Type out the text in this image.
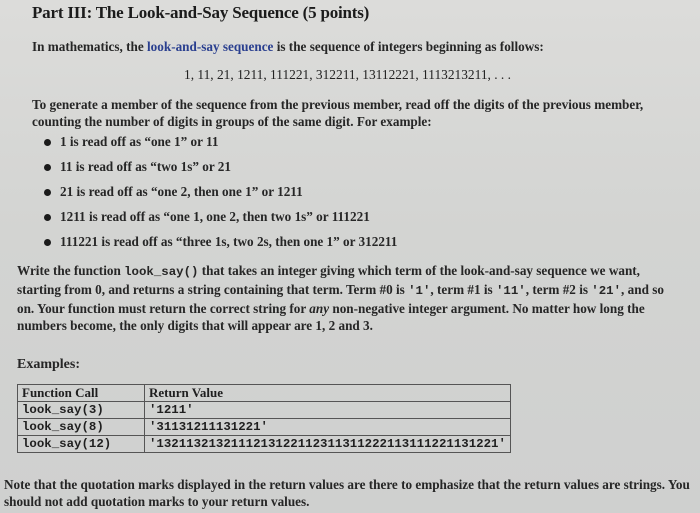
Part III: The Look-and-Say Sequence (5 points)
In mathematics, the look-and-say sequence is the sequence of integers beginning as follows:
1, 11, 21, 1211, 111221, 312211, 13112221, 1113213211, . . .
To generate a member of the sequence from the previous member, read off the digits of the previous member, counting the number of digits in groups of the same digit. For example:
1 is read off as “one 1” or 11
11 is read off as “two 1s” or 21
21 is read off as “one 2, then one 1” or 1211
1211 is read off as “one 1, one 2, then two 1s” or 111221
111221 is read off as “three 1s, two 2s, then one 1” or 312211
Write the function look_say() that takes an integer giving which term of the look-and-say sequence we want, starting from 0, and returns a string containing that term. Term #0 is '1', term #1 is '11', term #2 is '21', and so on. Your function must return the correct string for any non-negative integer argument. No matter how long the numbers become, the only digits that will appear are 1, 2 and 3.
Examples:
Function Call	Return Value
look_say(3)	'1211'
look_say(8)	'31131211131221'
look_say(12)	'1321132132111213122112311311222113111221131221'
Note that the quotation marks displayed in the return values are there to emphasize that the return values are strings. You should not add quotation marks to your return values.
